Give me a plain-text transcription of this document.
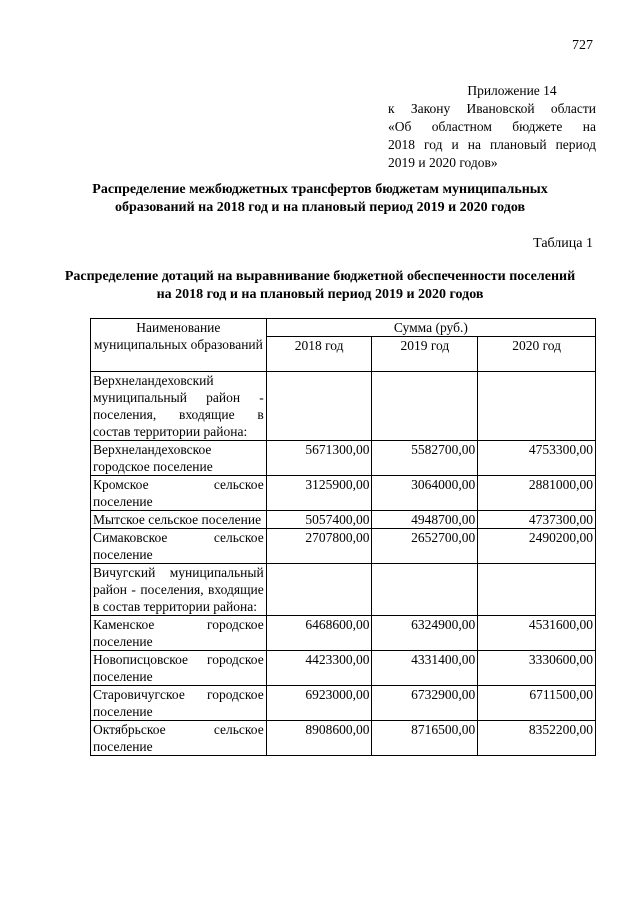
727
Приложение 14
к Закону Ивановской области
«Об областном бюджете на
2018 год и на плановый период
2019 и 2020 годов»
Распределение межбюджетных трансфертов бюджетам муниципальных образований на 2018 год и на плановый период 2019 и 2020 годов
Таблица 1
Распределение дотаций на выравнивание бюджетной обеспеченности поселений на 2018 год и на плановый период 2019 и 2020 годов
Наименование муниципальных образований	Сумма (руб.)		
	2018 год	2019 год	2020 год
Верхнеландеховский муниципальный район - поселения, входящие в состав территории района:			
Верхнеландеховское городское поселение	5671300,00	5582700,00	4753300,00
Кромское сельское поселение	3125900,00	3064000,00	2881000,00
Мытское сельское поселение	5057400,00	4948700,00	4737300,00
Симаковское сельское поселение	2707800,00	2652700,00	2490200,00
Вичугский муниципальный район - поселения, входящие в состав территории района:			
Каменское городское поселение	6468600,00	6324900,00	4531600,00
Новописцовское городское поселение	4423300,00	4331400,00	3330600,00
Старовичугское городское поселение	6923000,00	6732900,00	6711500,00
Октябрьское сельское поселение	8908600,00	8716500,00	8352200,00
